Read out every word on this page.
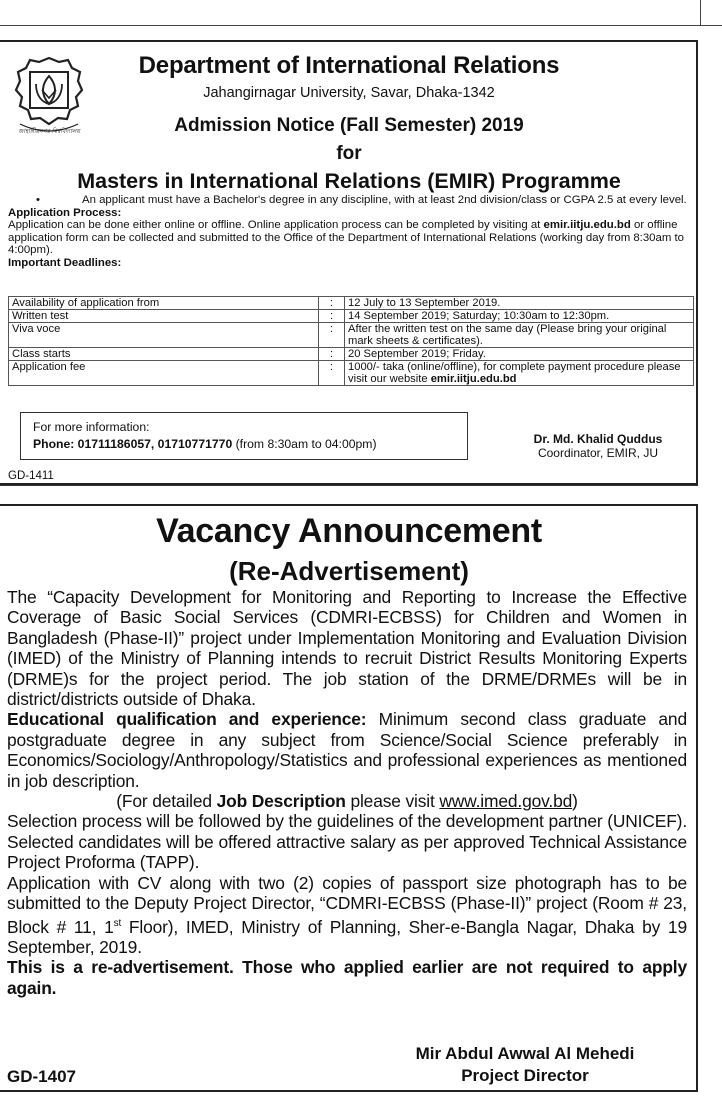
জাহাঙ্গীরনগর বিশ্ববিদ্যালয়
Department of International Relations
Jahangirnagar University, Savar, Dhaka-1342
Admission Notice (Fall Semester) 2019
for
Masters in International Relations (EMIR) Programme
•	An applicant must have a Bachelor's degree in any discipline, with at least 2nd division/class or CGPA 2.5 at every level.
Application Process:
Application can be done either online or offline. Online application process can be completed by visiting at emir.iitju.edu.bd or offline application form can be collected and submitted to the Office of the Department of International Relations (working day from 8:30am to 4:00pm).
Important Deadlines:
Availability of application from	:	12 July to 13 September 2019.
Written test	:	14 September 2019; Saturday; 10:30am to 12:30pm.
Viva voce	:	After the written test on the same day (Please bring your original mark sheets & certificates).
Class starts	:	20 September 2019; Friday.
Application fee	:	1000/- taka (online/offline), for complete payment procedure please visit our website emir.iitju.edu.bd
For more information:
Phone: 01711186057, 01710771770 (from 8:30am to 04:00pm)	Dr. Md. Khalid Quddus
Coordinator, EMIR, JU
GD-1411
Vacancy Announcement
(Re-Advertisement)

The “Capacity Development for Monitoring and Reporting to Increase the Effective Coverage of Basic Social Services (CDMRI-ECBSS) for Children and Women in Bangladesh (Phase-II)” project under Implementation Monitoring and Evaluation Division (IMED) of the Ministry of Planning intends to recruit District Results Monitoring Experts (DRME)s for the project period. The job station of the DRME/DRMEs will be in district/districts outside of Dhaka.

Educational qualification and experience: Minimum second class graduate and postgraduate degree in any subject from Science/Social Science preferably in Economics/Sociology/Anthropology/Statistics and professional experiences as mentioned in job description.

(For detailed Job Description please visit www.imed.gov.bd)

Selection process will be followed by the guidelines of the development partner (UNICEF). Selected candidates will be offered attractive salary as per approved Technical Assistance Project Proforma (TAPP).

Application with CV along with two (2) copies of passport size photograph has to be submitted to the Deputy Project Director, “CDMRI-ECBSS (Phase-II)” project (Room # 23, Block # 11, 1st Floor), IMED, Ministry of Planning, Sher-e-Bangla Nagar, Dhaka by 19 September, 2019.

This is a re-advertisement. Those who applied earlier are not required to apply again.

Mir Abdul Awwal Al Mehedi
Project Director
GD-1407
